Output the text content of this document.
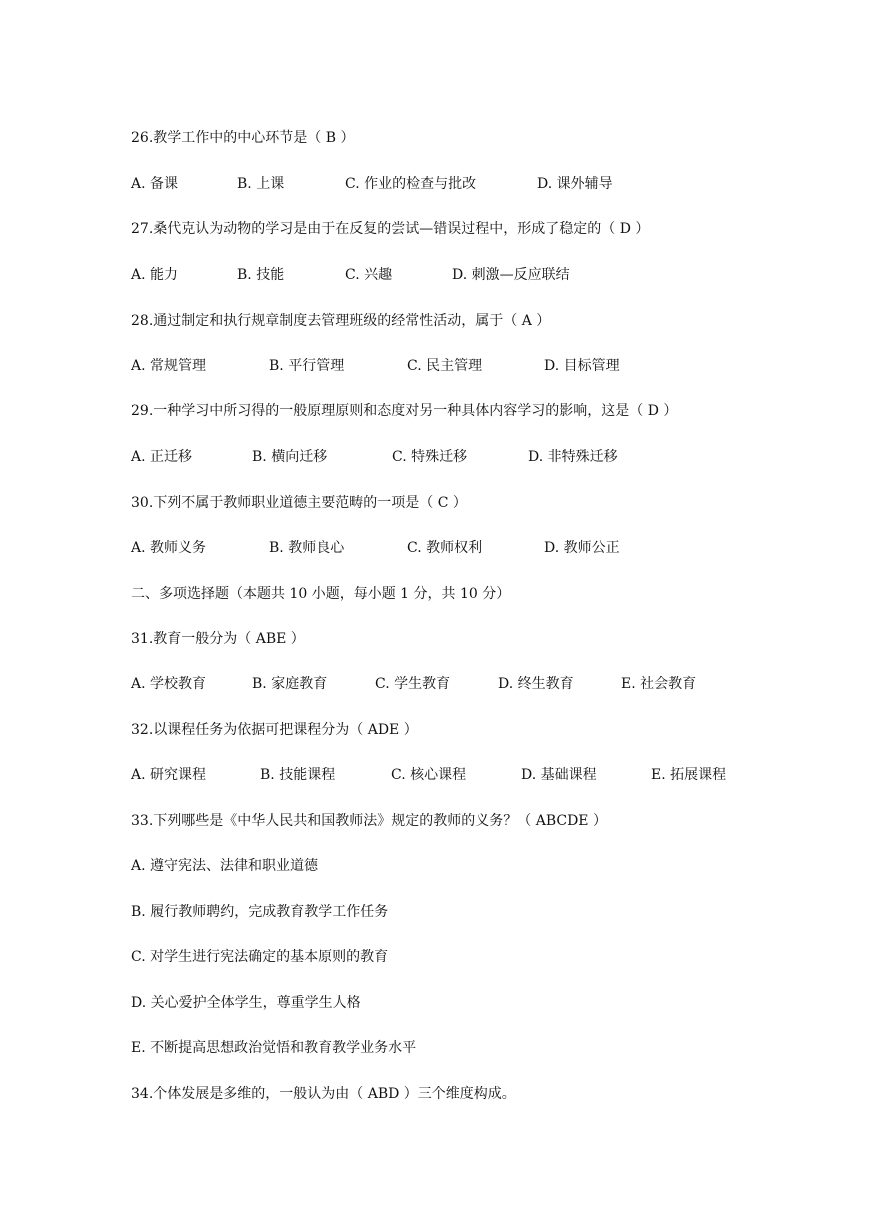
26.教学工作中的中心环节是（ B ）
A. 备课	B. 上课	C. 作业的检查与批改	D. 课外辅导
27.桑代克认为动物的学习是由于在反复的尝试—错误过程中，形成了稳定的（ D ）
A. 能力	B. 技能	C. 兴趣	D. 刺激—反应联结
28.通过制定和执行规章制度去管理班级的经常性活动，属于（ A ）
A. 常规管理	B. 平行管理	C. 民主管理	D. 目标管理
29.一种学习中所习得的一般原理原则和态度对另一种具体内容学习的影响，这是（ D ）
A. 正迁移	B. 横向迁移	C. 特殊迁移	D. 非特殊迁移
30.下列不属于教师职业道德主要范畴的一项是（ C ）
A. 教师义务	B. 教师良心	C. 教师权利	D. 教师公正
二、多项选择题（本题共 10 小题，每小题 1 分，共 10 分）
31.教育一般分为（ ABE ）
A. 学校教育	B. 家庭教育	C. 学生教育	D. 终生教育	E. 社会教育
32.以课程任务为依据可把课程分为（ ADE ）
A. 研究课程	B. 技能课程	C. 核心课程	D. 基础课程	E. 拓展课程
33.下列哪些是《中华人民共和国教师法》规定的教师的义务？（ ABCDE ）
A. 遵守宪法、法律和职业道德
B. 履行教师聘约，完成教育教学工作任务
C. 对学生进行宪法确定的基本原则的教育
D. 关心爱护全体学生，尊重学生人格
E. 不断提高思想政治觉悟和教育教学业务水平
34.个体发展是多维的，一般认为由（ ABD ）三个维度构成。
